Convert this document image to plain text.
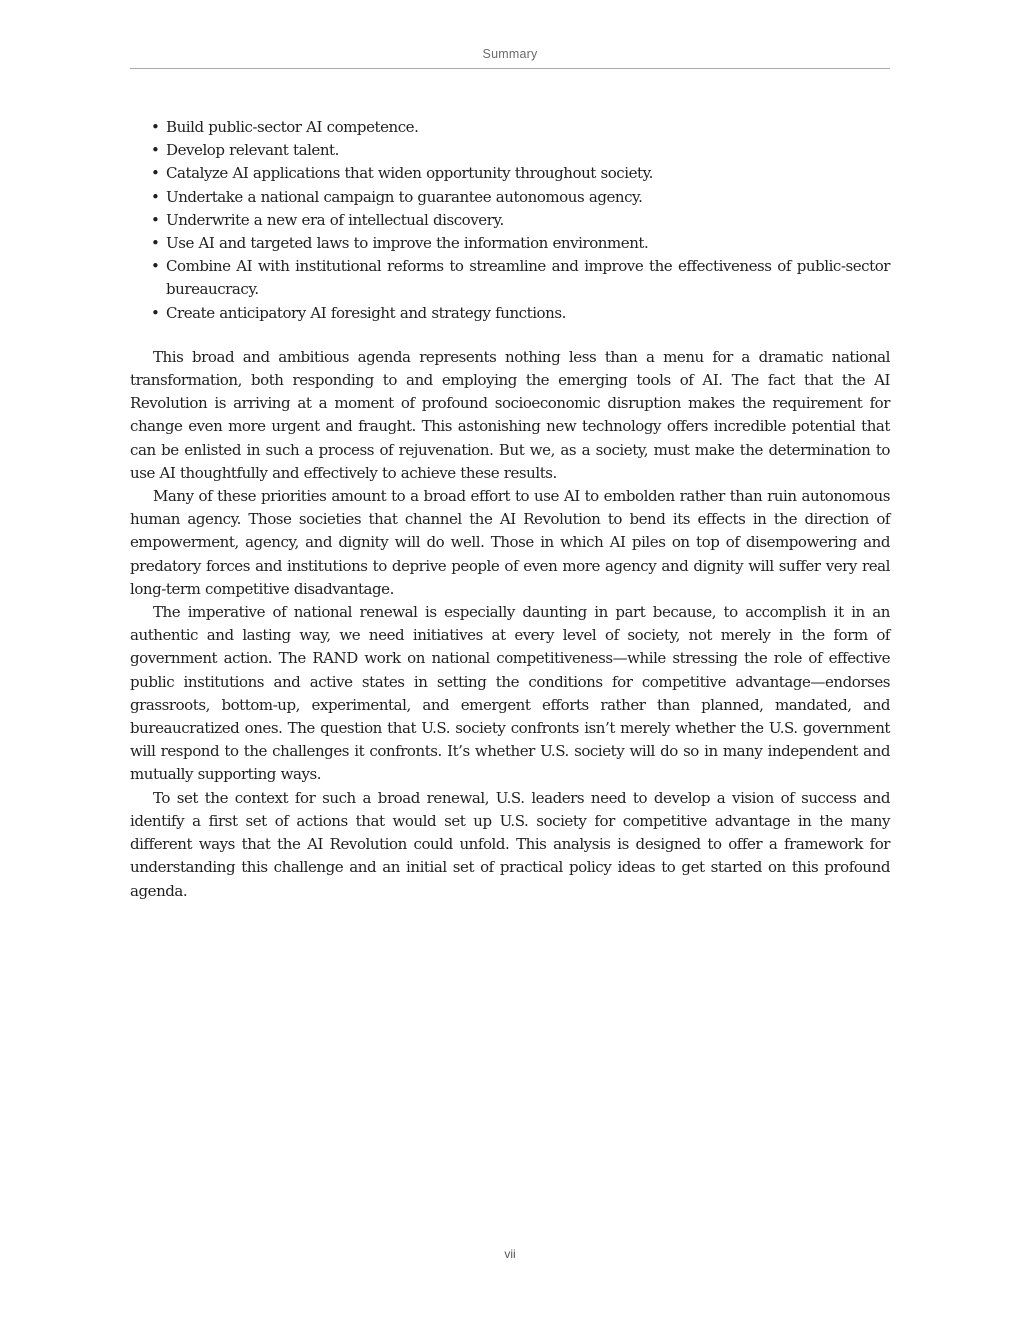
Summary
• Build public-sector AI competence.
• Develop relevant talent.
• Catalyze AI applications that widen opportunity throughout society.
• Undertake a national campaign to guarantee autonomous agency.
• Underwrite a new era of intellectual discovery.
• Use AI and targeted laws to improve the information environment.
• Combine AI with institutional reforms to streamline and improve the effectiveness of public-sector bureaucracy.
• Create anticipatory AI foresight and strategy functions.

This broad and ambitious agenda represents nothing less than a menu for a dramatic national transformation, both responding to and employing the emerging tools of AI. The fact that the AI Revolution is arriving at a moment of profound socioeconomic disruption makes the requirement for change even more urgent and fraught. This astonishing new technology offers incredible potential that can be enlisted in such a process of rejuvenation. But we, as a society, must make the determination to use AI thoughtfully and effectively to achieve these results.

Many of these priorities amount to a broad effort to use AI to embolden rather than ruin autonomous human agency. Those societies that channel the AI Revolution to bend its effects in the direction of empowerment, agency, and dignity will do well. Those in which AI piles on top of disempowering and predatory forces and institutions to deprive people of even more agency and dignity will suffer very real long-term competitive disadvantage.

The imperative of national renewal is especially daunting in part because, to accomplish it in an authentic and lasting way, we need initiatives at every level of society, not merely in the form of government action. The RAND work on national competitiveness—while stressing the role of effective public institutions and active states in setting the conditions for competitive advantage—endorses grassroots, bottom-up, experimental, and emergent efforts rather than planned, mandated, and bureaucratized ones. The question that U.S. society confronts isn’t merely whether the U.S. government will respond to the challenges it confronts. It’s whether U.S. society will do so in many independent and mutually supporting ways.

To set the context for such a broad renewal, U.S. leaders need to develop a vision of success and identify a first set of actions that would set up U.S. society for competitive advantage in the many different ways that the AI Revolution could unfold. This analysis is designed to offer a framework for understanding this challenge and an initial set of practical policy ideas to get started on this profound agenda.

vii
